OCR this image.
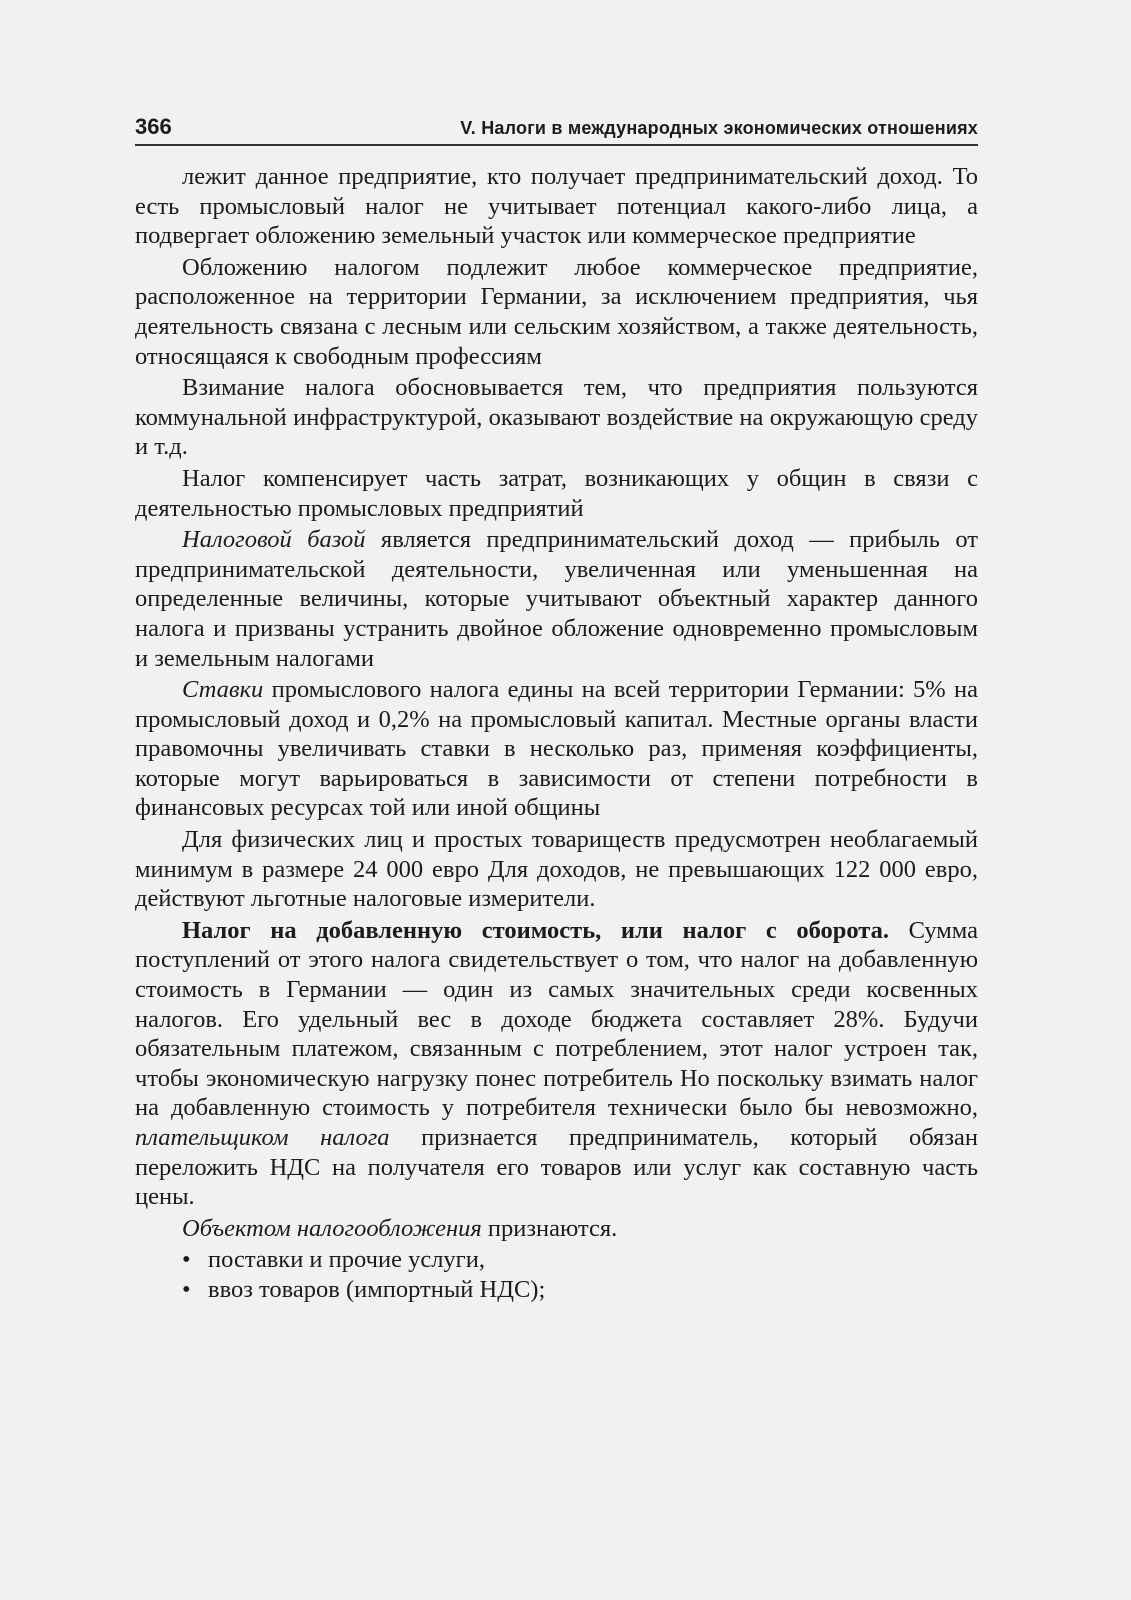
366	V. Налоги в международных экономических отношениях

лежит данное предприятие, кто получает предпринимательский доход. То есть промысловый налог не учитывает потенциал какого-либо лица, а подвергает обложению земельный участок или коммерческое предприятие

Обложению налогом подлежит любое коммерческое предприятие, расположенное на территории Германии, за исключением предприятия, чья деятельность связана с лесным или сельским хозяйством, а также деятельность, относящаяся к свободным профессиям

Взимание налога обосновывается тем, что предприятия пользуются коммунальной инфраструктурой, оказывают воздействие на окружающую среду и т.д.

Налог компенсирует часть затрат, возникающих у общин в связи с деятельностью промысловых предприятий

Налоговой базой является предпринимательский доход — прибыль от предпринимательской деятельности, увеличенная или уменьшенная на определенные величины, которые учитывают объектный характер данного налога и призваны устранить двойное обложение одновременно промысловым и земельным налогами

Ставки промыслового налога едины на всей территории Германии: 5% на промысловый доход и 0,2% на промысловый капитал. Местные органы власти правомочны увеличивать ставки в несколько раз, применяя коэффициенты, которые могут варьироваться в зависимости от степени потребности в финансовых ресурсах той или иной общины

Для физических лиц и простых товариществ предусмотрен необлагаемый минимум в размере 24 000 евро Для доходов, не превышающих 122 000 евро, действуют льготные налоговые измерители.

Налог на добавленную стоимость, или налог с оборота. Сумма поступлений от этого налога свидетельствует о том, что налог на добавленную стоимость в Германии — один из самых значительных среди косвенных налогов. Его удельный вес в доходе бюджета составляет 28%. Будучи обязательным платежом, связанным с потреблением, этот налог устроен так, чтобы экономическую нагрузку понес потребитель Но поскольку взимать налог на добавленную стоимость у потребителя технически было бы невозможно, плательщиком налога признается предприниматель, который обязан переложить НДС на получателя его товаров или услуг как составную часть цены.

Объектом налогообложения признаются.

• поставки и прочие услуги,
• ввоз товаров (импортный НДС);
